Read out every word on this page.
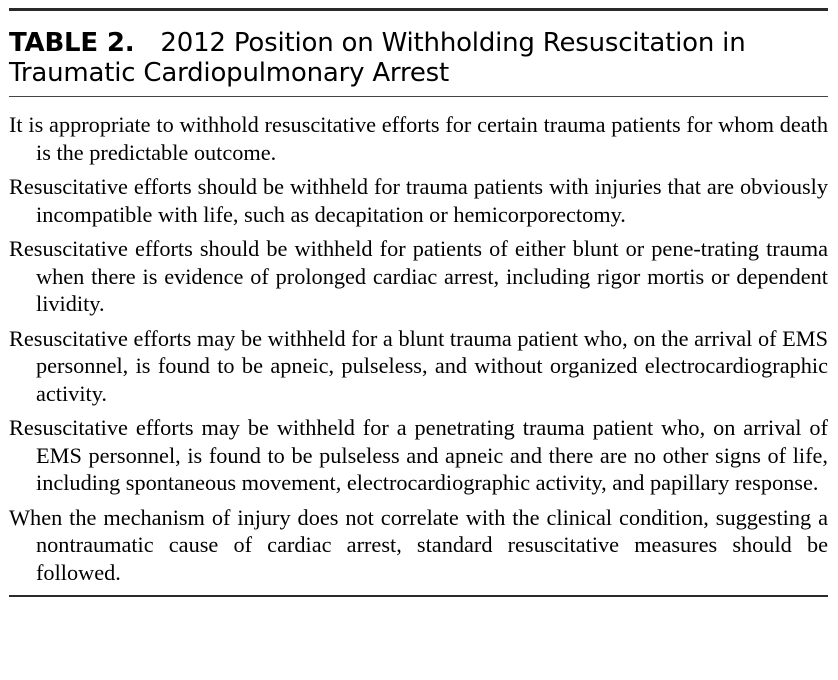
TABLE 2. 2012 Position on Withholding Resuscitation in Traumatic Cardiopulmonary Arrest
It is appropriate to withhold resuscitative efforts for certain trauma patients for whom death is the predictable outcome.
Resuscitative efforts should be withheld for trauma patients with injuries that are obviously incompatible with life, such as decapitation or hemicorporectomy.
Resuscitative efforts should be withheld for patients of either blunt or pene-trating trauma when there is evidence of prolonged cardiac arrest, including rigor mortis or dependent lividity.
Resuscitative efforts may be withheld for a blunt trauma patient who, on the arrival of EMS personnel, is found to be apneic, pulseless, and without organized electrocardiographic activity.
Resuscitative efforts may be withheld for a penetrating trauma patient who, on arrival of EMS personnel, is found to be pulseless and apneic and there are no other signs of life, including spontaneous movement, electrocardiographic activity, and papillary response.
When the mechanism of injury does not correlate with the clinical condition, suggesting a nontraumatic cause of cardiac arrest, standard resuscitative measures should be followed.
